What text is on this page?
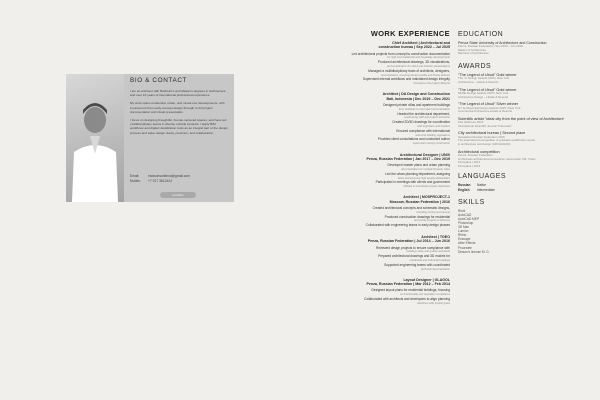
BIO & CONTACT

I am an architect with Bachelor's and Master's degrees in Architecture and over 10 years of international professional experience.

My work spans residential, urban, and mixed-use developments, with involvement from early concept design through to full project documentation and visual presentation.

I focus on designing thoughtful, human-centered spaces, and have led multidisciplinary teams in diverse cultural contexts. I apply BIM workflows and digital visualization tools as an integral part of the design process and value design clarity, precision, and collaboration.

Email:	nivaconsunitnva@gmail.com
Mobile: +7 917 3612424
portfolio
WORK EXPERIENCE
Chief Architect | Architectural and
construction bureau | Sep 2022 – Jul 2025
Led architectural projects from concept to construction documentation
for high-end residential and hospitality developments
Produced architectural drawings, 3D visualizations,
and coordination for client and investor presentations
Managed a multidisciplinary team of architects, designers,
and engineers, ensuring design quality and timely delivery
Supervised internal workflows and maintained design integrity
throughout the project lifecycle
Architect | DA Design and Construction
Bali, Indonesia | Dec 2019 – Dec 2021
Designed private villas and apartment buildings
from sketches to full project documentation
Headed the architectural department,
supervising staff and project execution
Created 2D/3D drawings for coordination
with engineers and builders
Ensured compliance with international
and local building regulations
Provided client consultations and conducted author
supervision during construction
Architectural Designer | UNIX
Penza, Russian Federation | Jan 2017 – Dec 2019
Developed master plans and urban planning
documentation for multiple Russian cities
Led the urban planning department, assigning
tasks and ensuring high-quality deliverables
Participated in meetings with clients and government
officials to coordinate project objectives
Architect | MOSPROJECT-1
Moscow, Russian Federation | 2016
Created architectural concepts and schematic designs,
including zoning and layouts
Produced construction drawings for residential
and public projects in Moscow
Collaborated with engineering teams in early design phases
Architect | TGEO
Penza, Russian Federation | Jul 2014 – Jun 2016
Reviewed design projects to ensure compliance with
building codes and quality standards
Prepared architectural drawings and 3D models for
residential and industrial buildings
Supported engineering teams with coordinated
technical documentation
Layout Designer | GLAGOL
Penza, Russian Federation | Mar 2012 – Feb 2014
Designed layout plans for residential buildings, focusing
on functionality and regulation compliance
Collaborated with architects and developers to align planning
decisions with project goals
EDUCATION
Penza State University of Architecture and Construction
Penza, Russian Federation | Sep 2013 – Jun 2019
Master of Architecture
Bachelor of Architecture
AWARDS
"The Legend of Ubud" Gold winner
The "A' Design Awards 2025 | New York
Architecture – Hotels & Resorts
"The Legend of Ubud" Gold winner
MUSE Design Awards 2025 | New York
Architecture Design – Hotels & Resorts
"The Legend of Ubud" Silver winner
NY Architectural Design Awards 2025 | New York
Commercial Architecture Hotels & Resorts
Scientific article 'Ideal city from the point of view of Architecture'
Kira Ishikova | 2013
International Scientific Journal "Intercultur"
City architectural bureau | Second place
Newsletter Russian Federation 2016
The international competition of graduate qualification works
in architecture and design (ARCHGRAD)
Architectural competition
Penza, Russian Federation
An Russian architectural competition named after V.B. Yuliev
First place | 2014
First place | 2013
LANGUAGES
Russian Native
English Intermediate
SKILLS
Revit
AutoCAD
AutoCAD MEP
Photoshop
3D Max
Lumion
Rhino
Enscape
After Effects
Procreate
Dinson's license M. G
